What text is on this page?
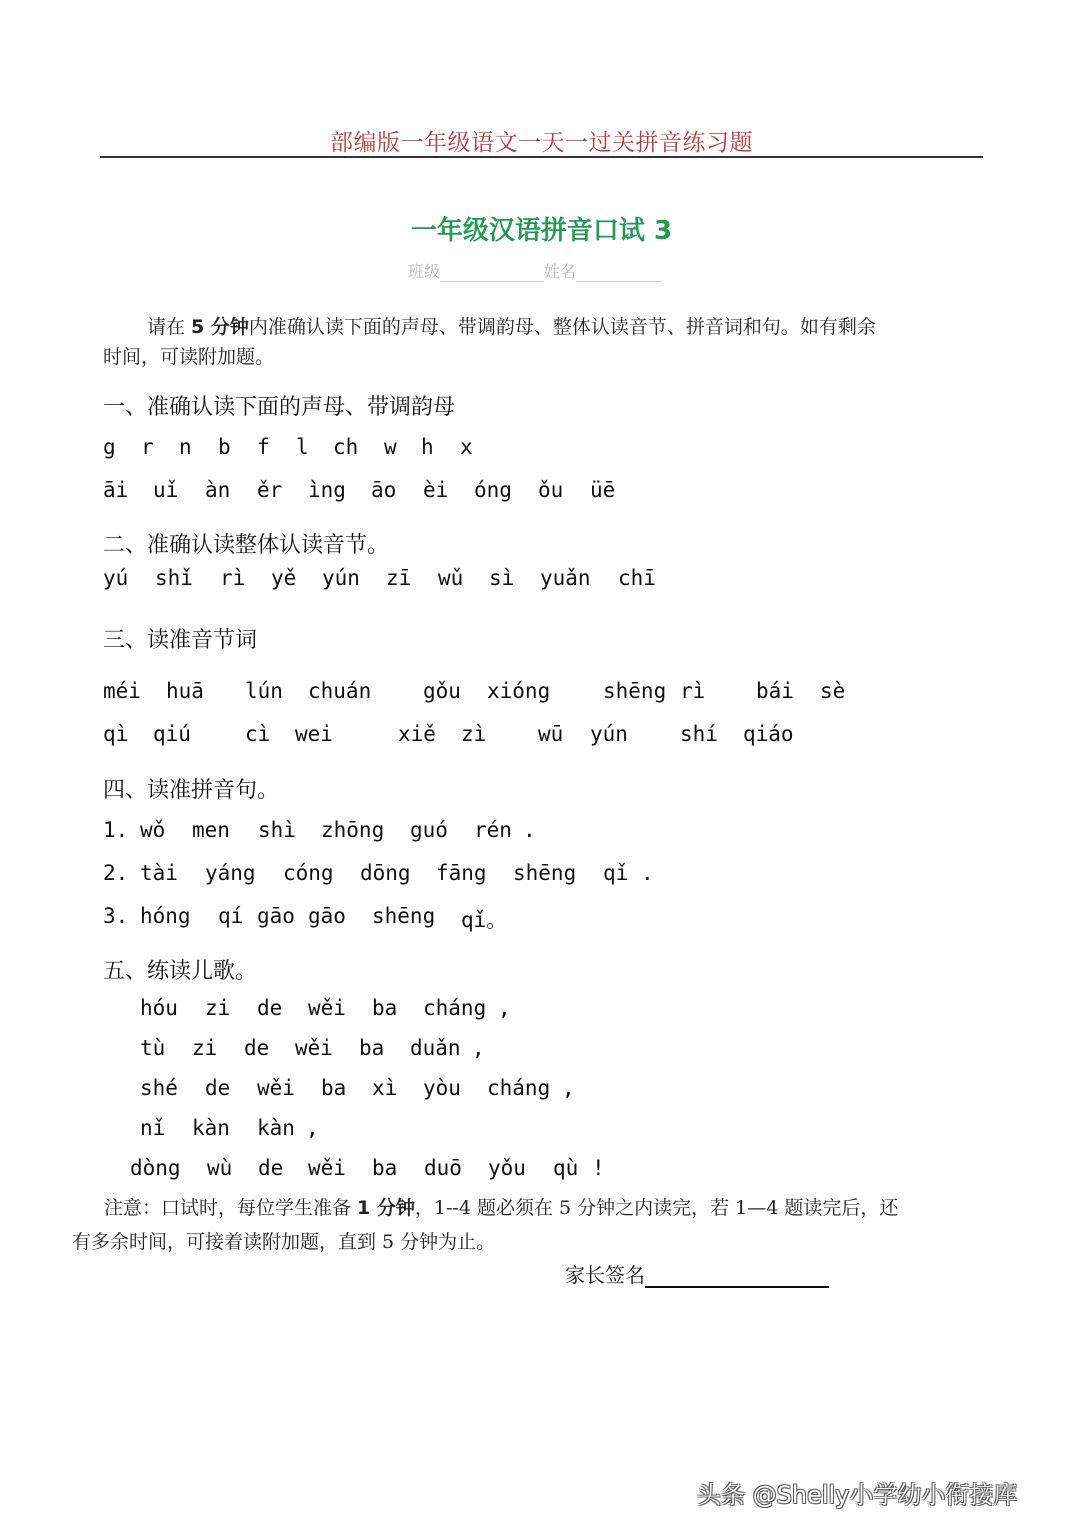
部编版一年级语文一天一过关拼音练习题
一年级汉语拼音口试 3
班级	姓名
请在 5 分钟内准确认读下面的声母、带调韵母、整体认读音节、拼音词和句。如有剩余
时间，可读附加题。
一、准确认读下面的声母、带调韵母
g r n b f l ch w h x
āi uǐ àn ěr ìng āo èi óng ǒu üē
二、准确认读整体认读音节。
yú shǐ rì yě yún zī wǔ sì yuǎn chī
三、读准音节词
méi huā lún chuán gǒu xióng	shēng rì bái sè
qì qiú	cì wei	xiě zì wū yún shí qiáo
四、读准拼音句。
1. wǒ men shì zhōng guó rén .
2. tài yáng cóng dōng fāng shēng qǐ .
3. hóng qí gāo gāo shēng qǐ。
五、练读儿歌。
hóu zi de wěi ba cháng ,
tù zi de wěi ba duǎn ,
shé de wěi ba xì yòu cháng ,
nǐ kàn kàn ,
dòng wù de wěi ba duō yǒu qù !
注意：口试时，每位学生准备 1 分钟，1--4 题必须在 5 分钟之内读完，若 1—4 题读完后，还
有多余时间，可接着读附加题，直到 5 分钟为止。
家长签名
头条 @Shelly小学幼小衔接库
